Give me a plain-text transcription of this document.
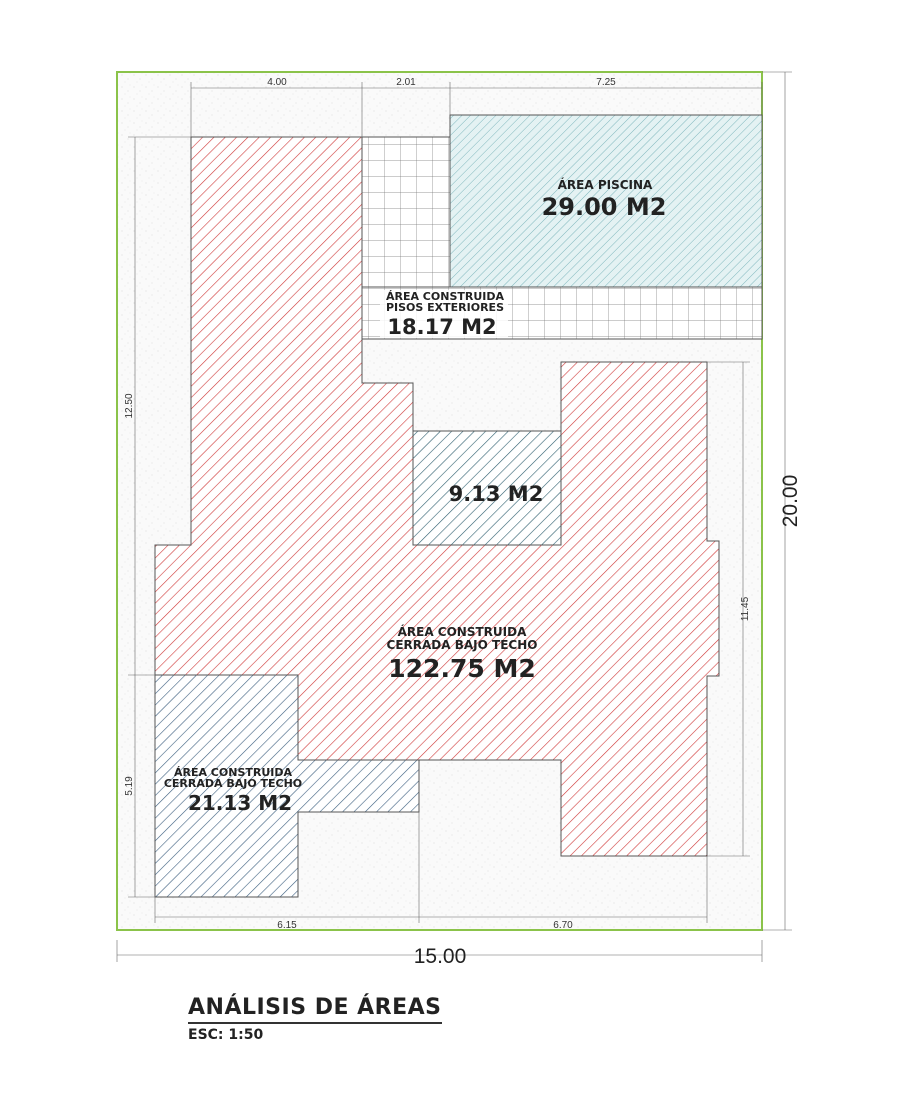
4.00	2.01	7.25
12.50
5.19
6.15	6.70
11.45
15.00
20.00
ÁREA PISCINA
29.00 M2
ÁREA CONSTRUIDA
PISOS EXTERIORES
18.17 M2
9.13 M2
ÁREA CONSTRUIDA
CERRADA BAJO TECHO
122.75 M2
ÁREA CONSTRUIDA
CERRADA BAJO TECHO
21.13 M2
ANÁLISIS DE ÁREAS
ESC: 1:50
